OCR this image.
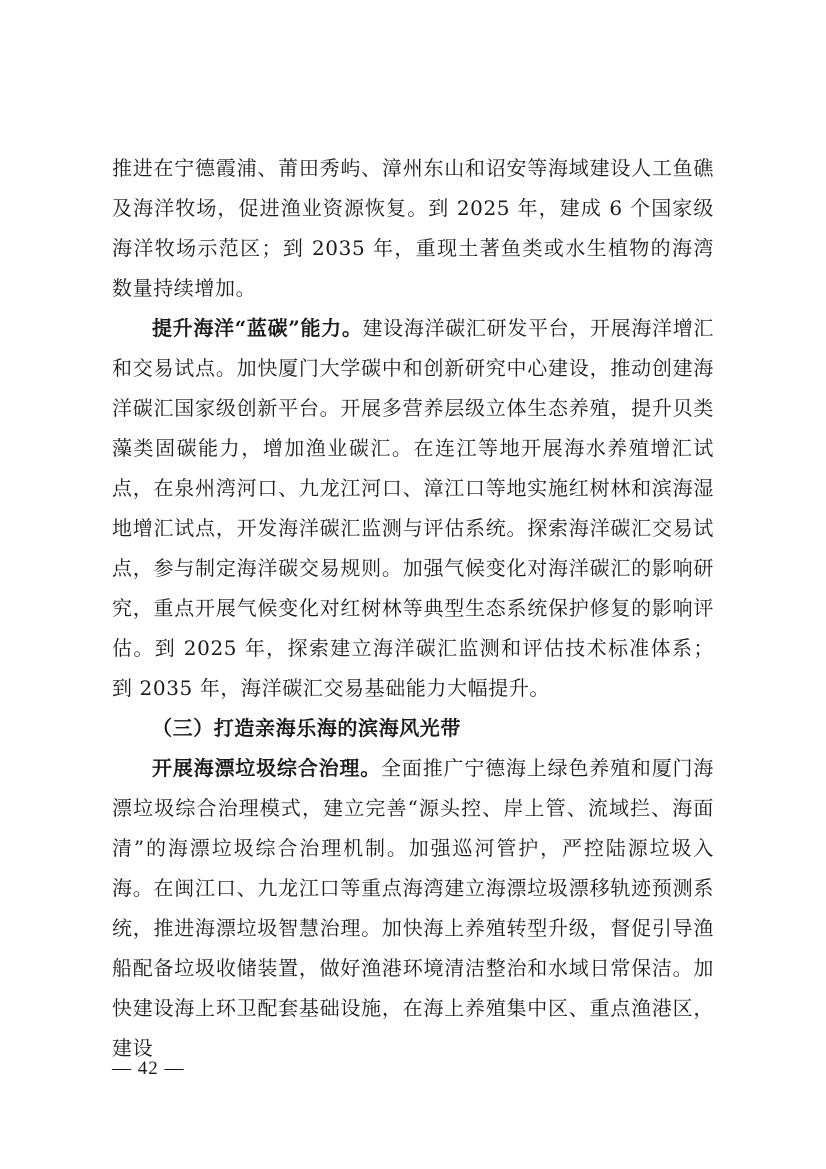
推进在宁德霞浦、莆田秀屿、漳州东山和诏安等海域建设人工鱼礁及海洋牧场，促进渔业资源恢复。到 2025 年，建成 6 个国家级海洋牧场示范区；到 2035 年，重现土著鱼类或水生植物的海湾数量持续增加。

提升海洋“蓝碳”能力。建设海洋碳汇研发平台，开展海洋增汇和交易试点。加快厦门大学碳中和创新研究中心建设，推动创建海洋碳汇国家级创新平台。开展多营养层级立体生态养殖，提升贝类藻类固碳能力，增加渔业碳汇。在连江等地开展海水养殖增汇试点，在泉州湾河口、九龙江河口、漳江口等地实施红树林和滨海湿地增汇试点，开发海洋碳汇监测与评估系统。探索海洋碳汇交易试点，参与制定海洋碳交易规则。加强气候变化对海洋碳汇的影响研究，重点开展气候变化对红树林等典型生态系统保护修复的影响评估。到 2025 年，探索建立海洋碳汇监测和评估技术标准体系；到 2035 年，海洋碳汇交易基础能力大幅提升。

（三）打造亲海乐海的滨海风光带

开展海漂垃圾综合治理。全面推广宁德海上绿色养殖和厦门海漂垃圾综合治理模式，建立完善“源头控、岸上管、流域拦、海面清”的海漂垃圾综合治理机制。加强巡河管护，严控陆源垃圾入海。在闽江口、九龙江口等重点海湾建立海漂垃圾漂移轨迹预测系统，推进海漂垃圾智慧治理。加快海上养殖转型升级，督促引导渔船配备垃圾收储装置，做好渔港环境清洁整治和水域日常保洁。加快建设海上环卫配套基础设施，在海上养殖集中区、重点渔港区，建设

— 42 —
